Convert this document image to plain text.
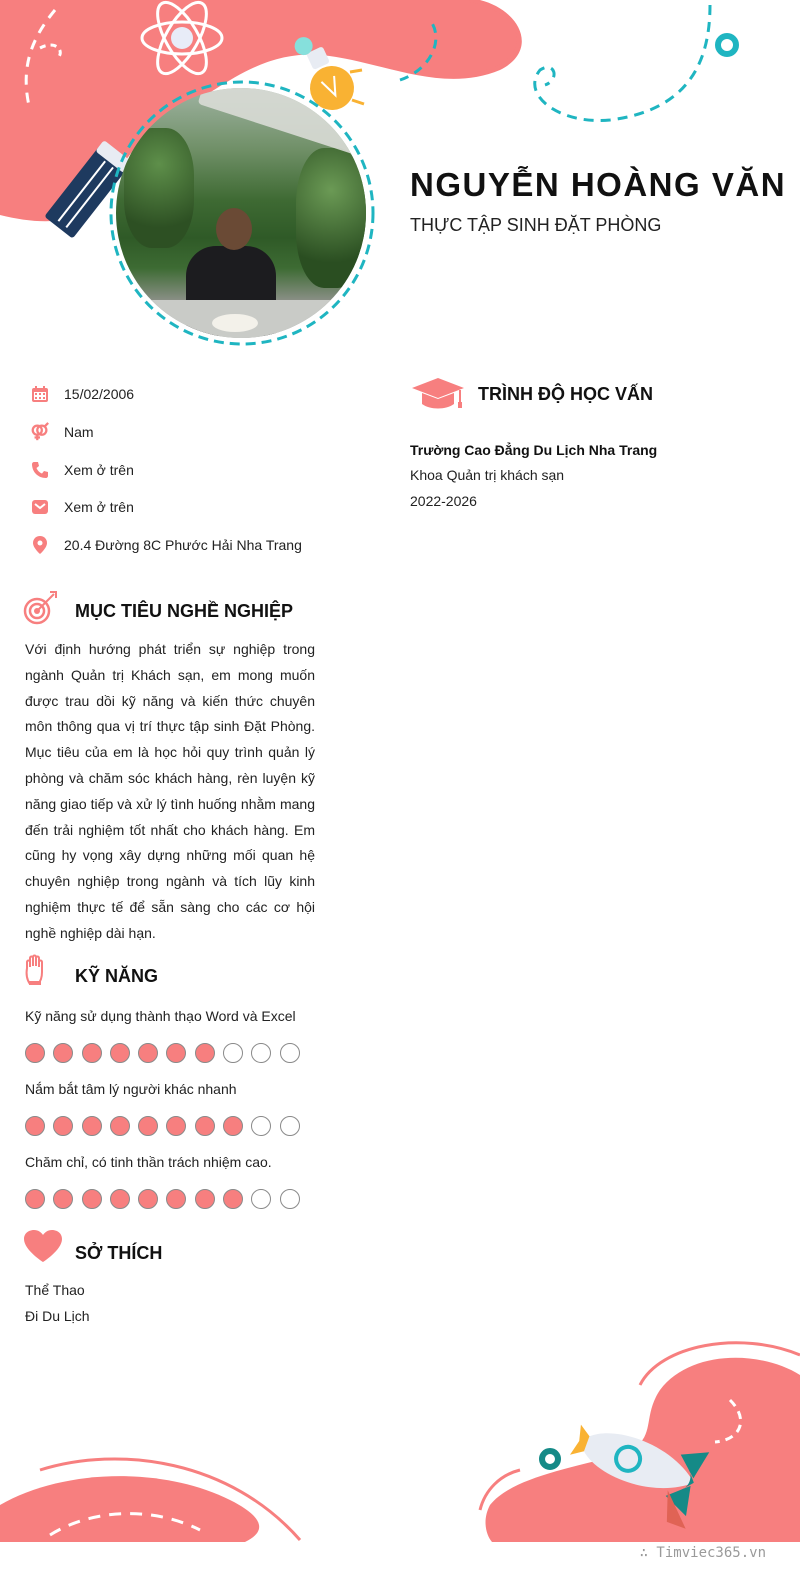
NGUYỄN HOÀNG VĂN
THỰC TẬP SINH ĐẶT PHÒNG
15/02/2006
Nam
Xem ở trên
Xem ở trên
20.4 Đường 8C Phước Hải Nha Trang
MỤC TIÊU NGHỀ NGHIỆP
Với định hướng phát triển sự nghiệp trong ngành Quản trị Khách sạn, em mong muốn được trau dồi kỹ năng và kiến thức chuyên môn thông qua vị trí thực tập sinh Đặt Phòng. Mục tiêu của em là học hỏi quy trình quản lý phòng và chăm sóc khách hàng, rèn luyện kỹ năng giao tiếp và xử lý tình huống nhằm mang đến trải nghiệm tốt nhất cho khách hàng. Em cũng hy vọng xây dựng những mối quan hệ chuyên nghiệp trong ngành và tích lũy kinh nghiệm thực tế để sẵn sàng cho các cơ hội nghề nghiệp dài hạn.
KỸ NĂNG
Kỹ năng sử dụng thành thạo Word và Excel
Nắm bắt tâm lý người khác nhanh
Chăm chỉ, có tinh thần trách nhiệm cao.
SỞ THÍCH
Thể Thao
Đi Du Lịch
TRÌNH ĐỘ HỌC VẤN
Trường Cao Đẳng Du Lịch Nha Trang
Khoa Quản trị khách sạn
2022-2026
∴ Timviec365.vn
